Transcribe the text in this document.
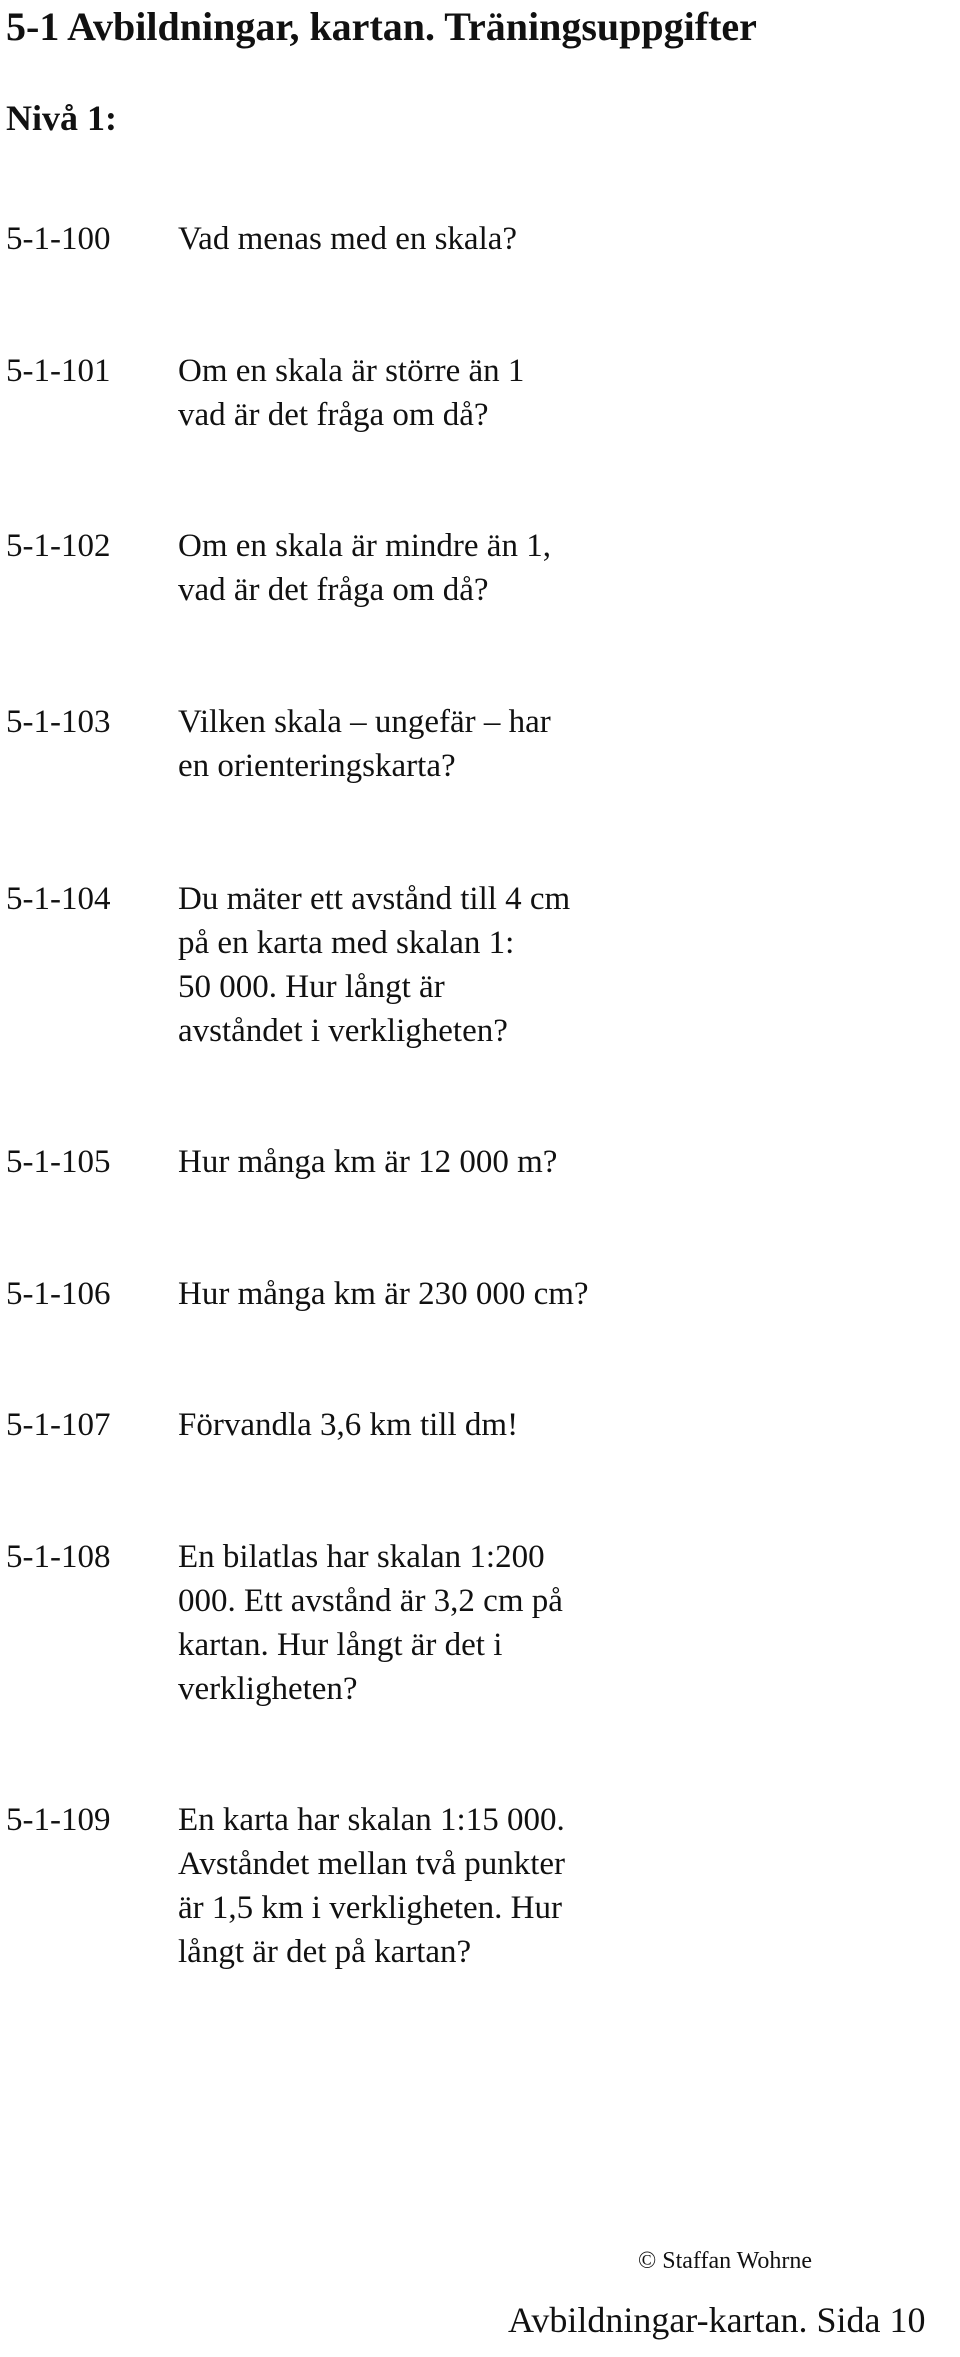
5-1 Avbildningar, kartan. Träningsuppgifter
Nivå 1:
5-1-100 Vad menas med en skala?
5-1-101 Om en skala är större än 1
vad är det fråga om då?
5-1-102 Om en skala är mindre än 1,
vad är det fråga om då?
5-1-103 Vilken skala – ungefär – har
en orienteringskarta?
5-1-104 Du mäter ett avstånd till 4 cm
på en karta med skalan 1:
50 000. Hur långt är
avståndet i verkligheten?
5-1-105 Hur många km är 12 000 m?
5-1-106 Hur många km är 230 000 cm?
5-1-107 Förvandla 3,6 km till dm!
5-1-108 En bilatlas har skalan 1:200
000. Ett avstånd är 3,2 cm på
kartan. Hur långt är det i
verkligheten?
5-1-109 En karta har skalan 1:15 000.
Avståndet mellan två punkter
är 1,5 km i verkligheten. Hur
långt är det på kartan?
© Staffan Wohrne
Avbildningar-kartan. Sida 10
